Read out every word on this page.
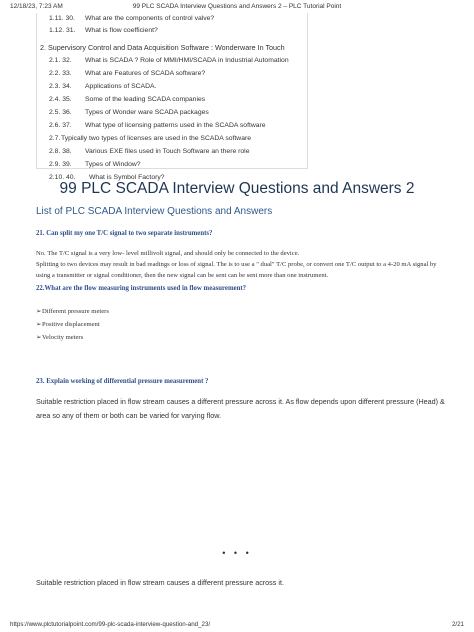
12/18/23, 7:23 AM	99 PLC SCADA Interview Questions and Answers 2 – PLC Tutorial Point
1.11. 30. What are the components of control valve?
1.12. 31. What is flow coefficient?
2. Supervisory Control and Data Acquisition Software : Wonderware In Touch
2.1. 32. What is SCADA ? Role of MMI/HMI/SCADA in Industrial Automation
2.2. 33. What are Features of SCADA software?
2.3. 34. Applications of SCADA.
2.4. 35. Some of the leading SCADA companies
2.5. 36. Types of Wonder ware SCADA packages
2.6. 37. What type of licensing patterns used in the SCADA software
2.7.Typically two types of licenses are used in the SCADA software
2.8. 38. Various EXE files used in Touch Software an there role
2.9. 39. Types of Window?
2.10. 40. What is Symbol Factory?
99 PLC SCADA Interview Questions and Answers 2
List of PLC SCADA Interview Questions and Answers
21. Can split my one T/C signal to two separate instruments?
No. The T/C signal is a very low- level millivolt signal, and should only be connected to the device.
Splitting to two devices may result in bad readings or loss of signal. The is to use a " dual" T/C probe, or convert one T/C output to a 4-20 mA signal by using a transmitter or signal conditioner, then the new signal can be sent can be sent more than one instrument.
22.What are the flow measuring instruments used in flow measurement?
➢Different pressure meters
➢Positive displacement
➢Velocity meters
23. Explain working of differential pressure measurement ?
Suitable restriction placed in flow stream causes a different pressure across it. As flow depends upon different pressure (Head) & area so any of them or both can be varied for varying flow.
• • •
Suitable restriction placed in flow stream causes a different pressure across it.
https://www.plctutorialpoint.com/99-plc-scada-interview-question-and_23/	2/21
